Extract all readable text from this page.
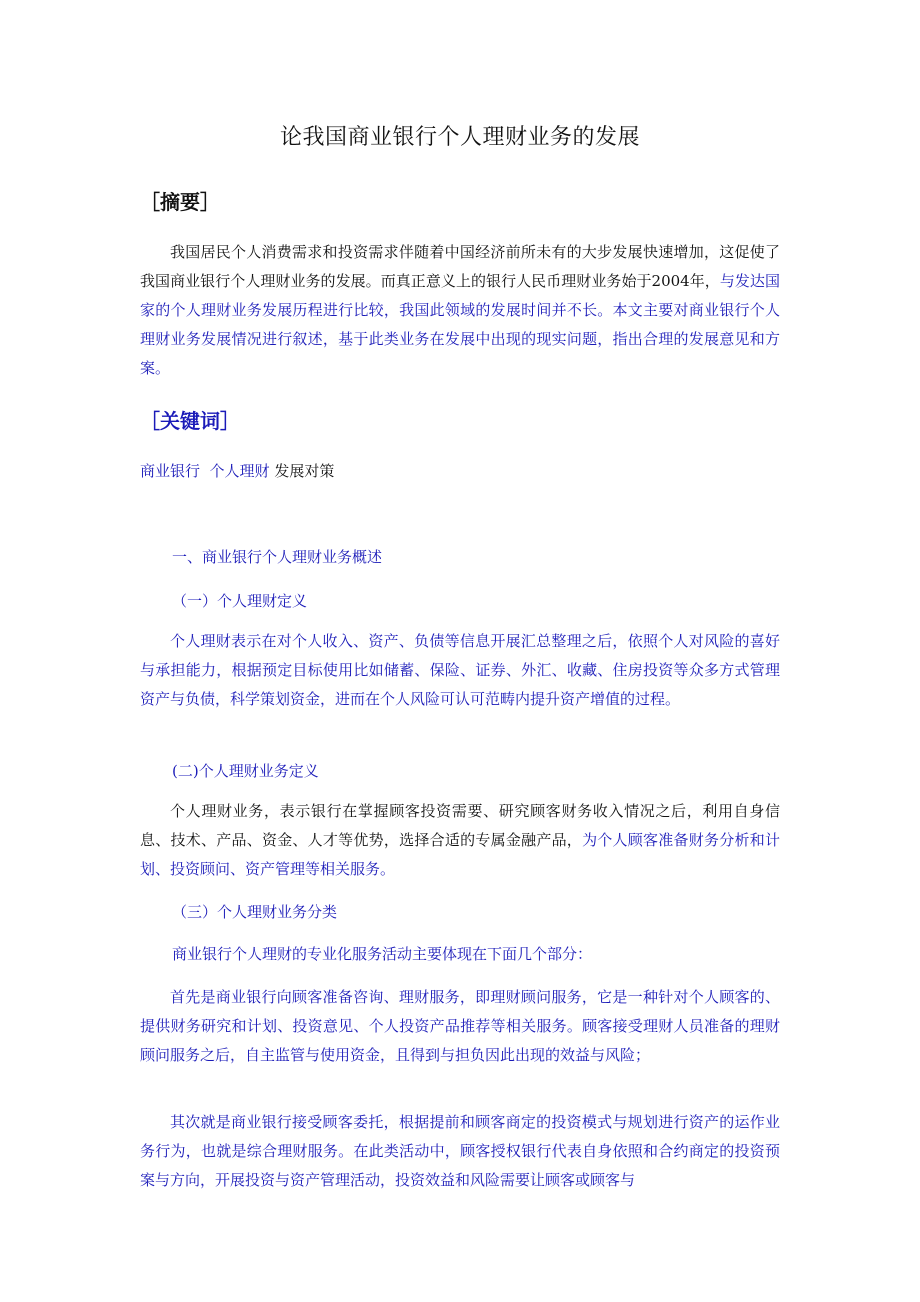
论我国商业银行个人理财业务的发展
［摘要］
我国居民个人消费需求和投资需求伴随着中国经济前所未有的大步发展快速增加，这促使了我国商业银行个人理财业务的发展。而真正意义上的银行人民币理财业务始于2004年，与发达国家的个人理财业务发展历程进行比较，我国此领域的发展时间并不长。本文主要对商业银行个人理财业务发展情况进行叙述，基于此类业务在发展中出现的现实问题，指出合理的发展意见和方案。
［关键词］
商业银行  个人理财 发展对策
一、商业银行个人理财业务概述
（一）个人理财定义
个人理财表示在对个人收入、资产、负债等信息开展汇总整理之后，依照个人对风险的喜好与承担能力，根据预定目标使用比如储蓄、保险、证券、外汇、收藏、住房投资等众多方式管理资产与负债，科学策划资金，进而在个人风险可认可范畴内提升资产增值的过程。
(二)个人理财业务定义
个人理财业务，表示银行在掌握顾客投资需要、研究顾客财务收入情况之后，利用自身信息、技术、产品、资金、人才等优势，选择合适的专属金融产品，为个人顾客准备财务分析和计划、投资顾问、资产管理等相关服务。
（三）个人理财业务分类
商业银行个人理财的专业化服务活动主要体现在下面几个部分：
首先是商业银行向顾客准备咨询、理财服务，即理财顾问服务，它是一种针对个人顾客的、提供财务研究和计划、投资意见、个人投资产品推荐等相关服务。顾客接受理财人员准备的理财顾问服务之后，自主监管与使用资金，且得到与担负因此出现的效益与风险；
其次就是商业银行接受顾客委托，根据提前和顾客商定的投资模式与规划进行资产的运作业务行为，也就是综合理财服务。在此类活动中，顾客授权银行代表自身依照和合约商定的投资预案与方向，开展投资与资产管理活动，投资效益和风险需要让顾客或顾客与
